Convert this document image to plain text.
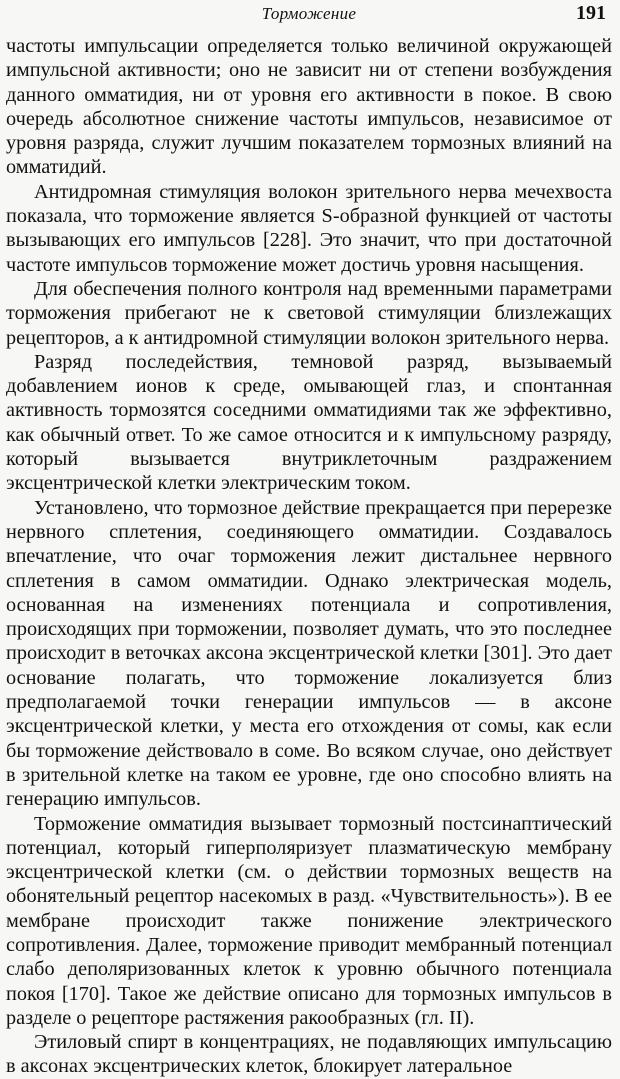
Торможение	191

частоты импульсации определяется только величиной окружающей импульсной активности; оно не зависит ни от степени возбуждения данного омматидия, ни от уровня его активности в покое. В свою очередь абсолютное снижение частоты импульсов, независимое от уровня разряда, служит лучшим показателем тормозных влияний на омматидий.

Антидромная стимуляция волокон зрительного нерва мечехвоста показала, что торможение является S-образной функцией от частоты вызывающих его импульсов [228]. Это значит, что при достаточной частоте импульсов торможение может достичь уровня насыщения.

Для обеспечения полного контроля над временными параметрами торможения прибегают не к световой стимуляции близлежащих рецепторов, а к антидромной стимуляции волокон зрительного нерва.

Разряд последействия, темновой разряд, вызываемый добавлением ионов к среде, омывающей глаз, и спонтанная активность тормозятся соседними омматидиями так же эффективно, как обычный ответ. То же самое относится и к импульсному разряду, который вызывается внутриклеточным раздражением эксцентрической клетки электрическим током.

Установлено, что тормозное действие прекращается при перерезке нервного сплетения, соединяющего омматидии. Создавалось впечатление, что очаг торможения лежит дистальнее нервного сплетения в самом омматидии. Однако электрическая модель, основанная на изменениях потенциала и сопротивления, происходящих при торможении, позволяет думать, что это последнее происходит в веточках аксона эксцентрической клетки [301]. Это дает основание полагать, что торможение локализуется близ предполагаемой точки генерации импульсов — в аксоне эксцентрической клетки, у места его отхождения от сомы, как если бы торможение действовало в соме. Во всяком случае, оно действует в зрительной клетке на таком ее уровне, где оно способно влиять на генерацию импульсов.

Торможение омматидия вызывает тормозный постсинаптический потенциал, который гиперполяризует плазматическую мембрану эксцентрической клетки (см. о действии тормозных веществ на обонятельный рецептор насекомых в разд. «Чувствительность»). В ее мембране происходит также понижение электрического сопротивления. Далее, торможение приводит мембранный потенциал слабо деполяризованных клеток к уровню обычного потенциала покоя [170]. Такое же действие описано для тормозных импульсов в разделе о рецепторе растяжения ракообразных (гл. II).

Этиловый спирт в концентрациях, не подавляющих импульсацию в аксонах эксцентрических клеток, блокирует латеральное
